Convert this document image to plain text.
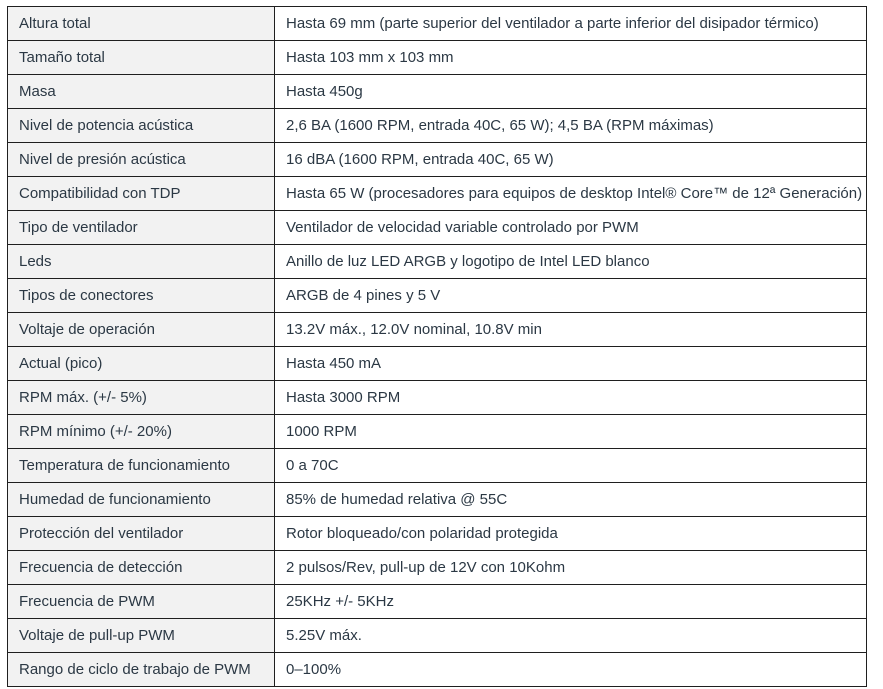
Altura total	Hasta 69 mm (parte superior del ventilador a parte inferior del disipador térmico)
Tamaño total	Hasta 103 mm x 103 mm
Masa	Hasta 450g
Nivel de potencia acústica	2,6 BA (1600 RPM, entrada 40C, 65 W); 4,5 BA (RPM máximas)
Nivel de presión acústica	16 dBA (1600 RPM, entrada 40C, 65 W)
Compatibilidad con TDP	Hasta 65 W (procesadores para equipos de desktop Intel® Core™ de 12ª Generación)
Tipo de ventilador	Ventilador de velocidad variable controlado por PWM
Leds	Anillo de luz LED ARGB y logotipo de Intel LED blanco
Tipos de conectores	ARGB de 4 pines y 5 V
Voltaje de operación	13.2V máx., 12.0V nominal, 10.8V min
Actual (pico)	Hasta 450 mA
RPM máx. (+/- 5%)	Hasta 3000 RPM
RPM mínimo (+/- 20%)	1000 RPM
Temperatura de funcionamiento	0 a 70C
Humedad de funcionamiento	85% de humedad relativa @ 55C
Protección del ventilador	Rotor bloqueado/con polaridad protegida
Frecuencia de detección	2 pulsos/Rev, pull-up de 12V con 10Kohm
Frecuencia de PWM	25KHz +/- 5KHz
Voltaje de pull-up PWM	5.25V máx.
Rango de ciclo de trabajo de PWM	0–100%
